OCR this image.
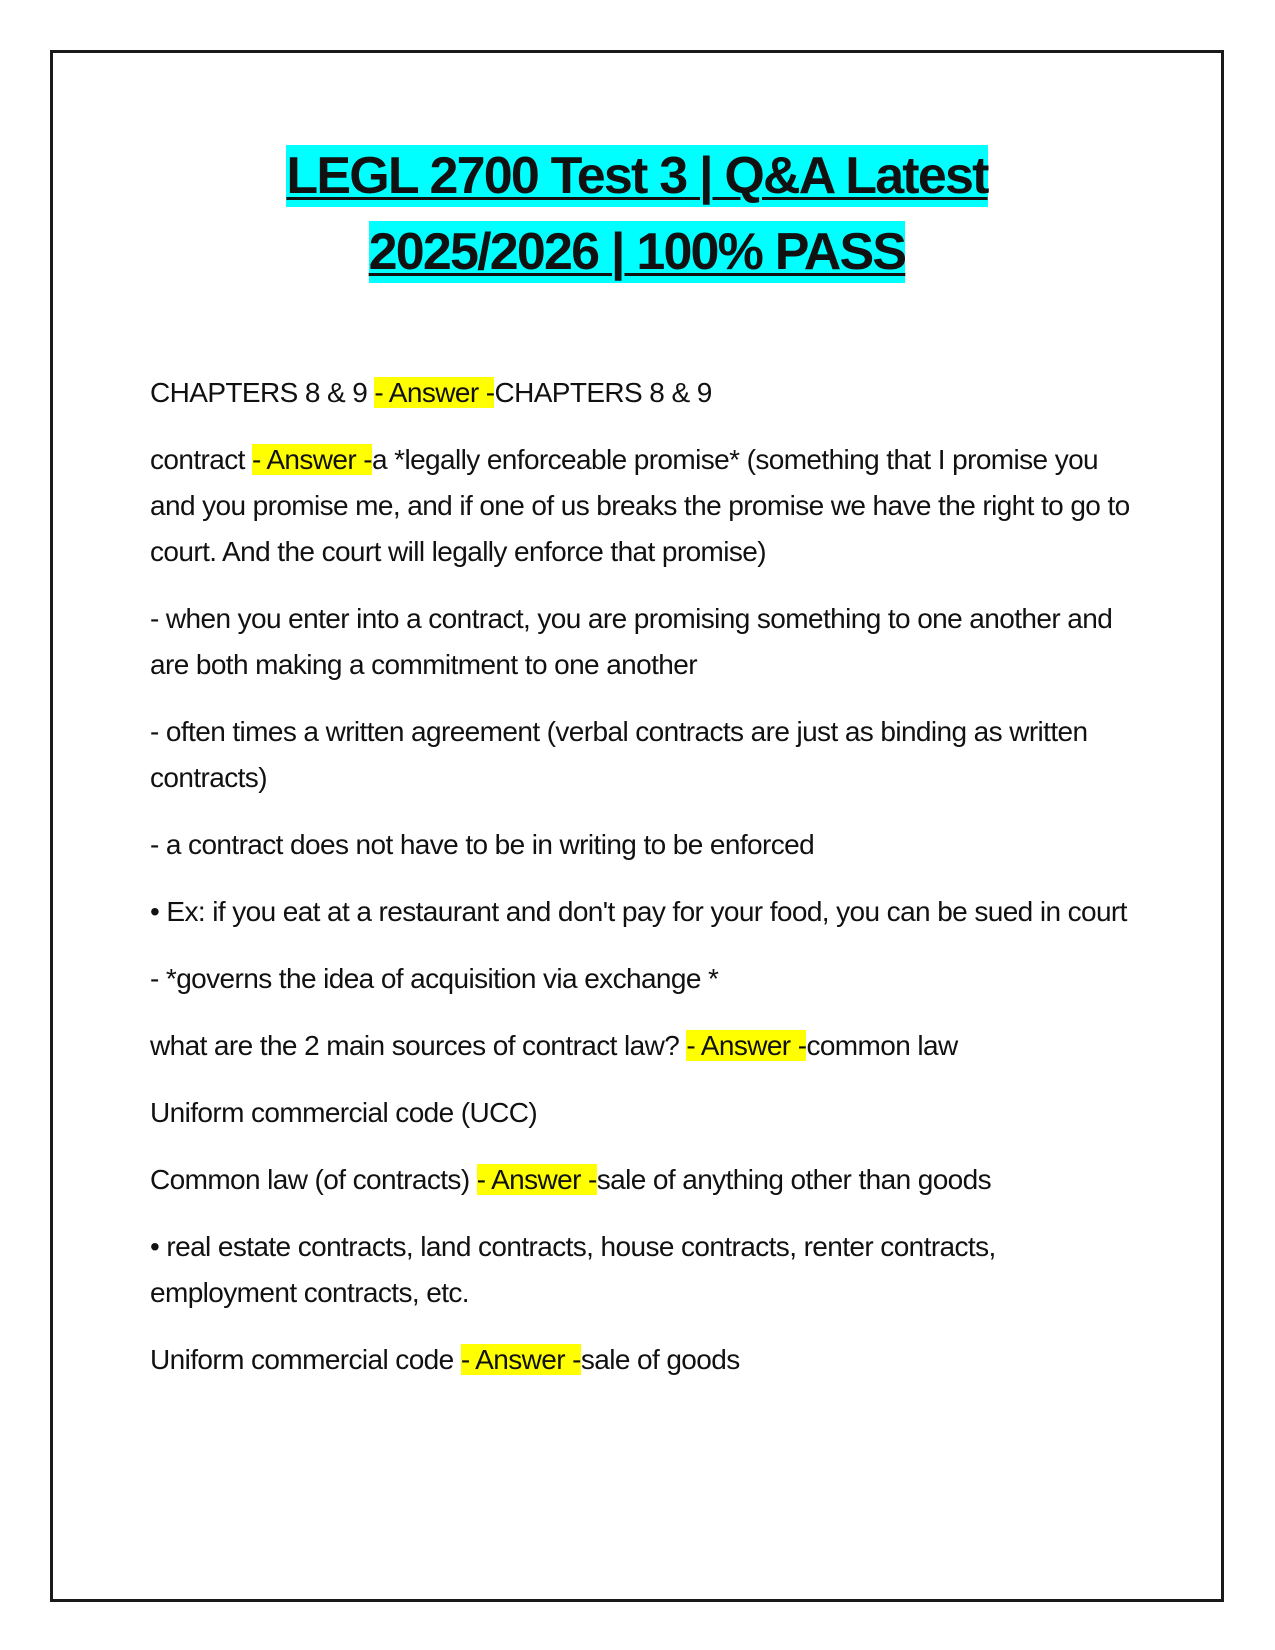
LEGL 2700 Test 3 | Q&A Latest

2025/2026 | 100% PASS

CHAPTERS 8 & 9 - Answer -CHAPTERS 8 & 9

contract - Answer -a *legally enforceable promise* (something that I promise you and you promise me, and if one of us breaks the promise we have the right to go to court. And the court will legally enforce that promise)

- when you enter into a contract, you are promising something to one another and are both making a commitment to one another

- often times a written agreement (verbal contracts are just as binding as written contracts)

- a contract does not have to be in writing to be enforced

• Ex: if you eat at a restaurant and don't pay for your food, you can be sued in court

- *governs the idea of acquisition via exchange *

what are the 2 main sources of contract law? - Answer -common law

Uniform commercial code (UCC)

Common law (of contracts) - Answer -sale of anything other than goods

• real estate contracts, land contracts, house contracts, renter contracts, employment contracts, etc.

Uniform commercial code - Answer -sale of goods
